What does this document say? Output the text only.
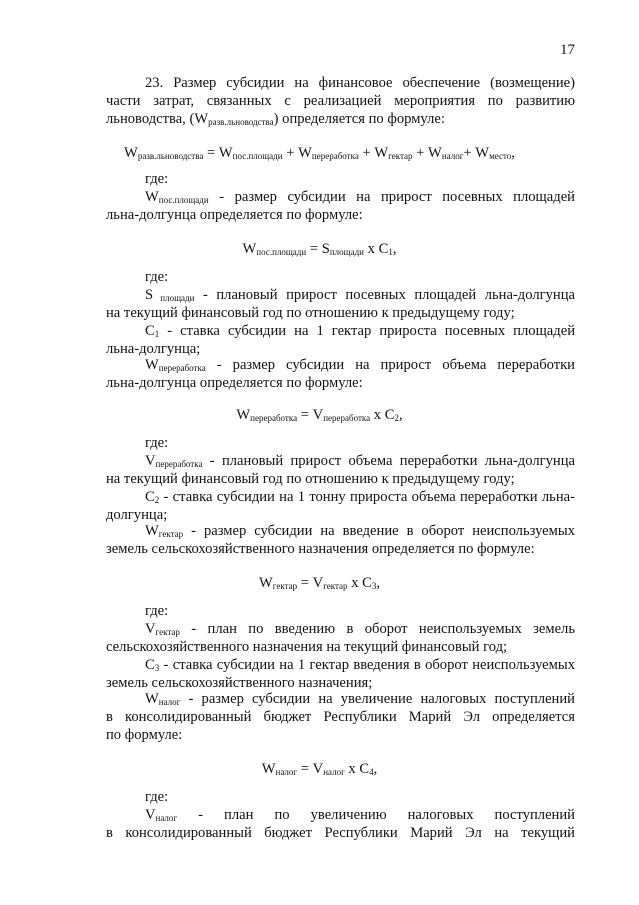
17
23. Размер субсидии на финансовое обеспечение (возмещение)
части затрат, связанных с реализацией мероприятия по развитию
льноводства, $(W_{разв.льноводства})$ определяется по формуле:
$W_{разв.льноводства} = W_{пос.площади} + W_{переработка} + W_{гектар} + W_{налог}+ W_{место}$,
где:
$W_{пос.площади}$ - размер субсидии на прирост посевных площадей
льна-долгунца определяется по формуле:
$W_{пос.площади} = S_{площади}$ x $C_1$,
где:
S $_{площади}$ - плановый прирост посевных площадей льна-долгунца
на текущий финансовый год по отношению к предыдущему году;
$C_1$ - ставка субсидии на 1 гектар прироста посевных площадей
льна-долгунца;
$W_{переработка}$ - размер субсидии на прирост объема переработки
льна-долгунца определяется по формуле:
$W_{переработка} = V_{переработка}$ x $C_2$,
где:
$V_{переработка}$ - плановый прирост объема переработки льна-долгунца
на текущий финансовый год по отношению к предыдущему году;
$C_2$ - ставка субсидии на 1 тонну прироста объема переработки льна-
долгунца;
$W_{гектар}$ - размер субсидии на введение в оборот неиспользуемых
земель сельскохозяйственного назначения определяется по формуле:
$W_{гектар} = V_{гектар}$ x $C_3$,
где:
$V_{гектар}$ - план по введению в оборот неиспользуемых земель
сельскохозяйственного назначения на текущий финансовый год;
$C_3$ - ставка субсидии на 1 гектар введения в оборот неиспользуемых
земель сельскохозяйственного назначения;
$W_{налог}$ - размер субсидии на увеличение налоговых поступлений
в консолидированный бюджет Республики Марий Эл определяется
по формуле:
$W_{налог} = V_{налог}$ x $C_4$,
где:
$V_{налог}$ - план по увеличению налоговых поступлений
в консолидированный бюджет Республики Марий Эл на текущий
